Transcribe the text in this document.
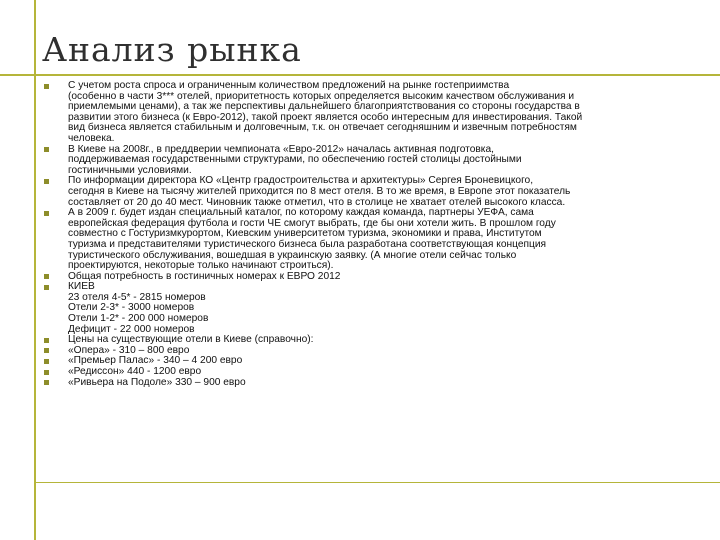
Анализ рынка
С учетом роста спроса и ограниченным количеством предложений на рынке гостеприимства
(особенно в части 3*** отелей, приоритетность которых определяется высоким качеством обслуживания и
приемлемыми ценами), а так же перспективы дальнейшего благоприятствования со стороны государства в
развитии этого бизнеса (к Евро-2012), такой проект является особо интересным для инвестирования. Такой
вид бизнеса является стабильным и долговечным, т.к. он отвечает сегодняшним и извечным потребностям
человека.
В Киеве на 2008г., в преддверии чемпионата «Евро-2012» началась активная подготовка,
поддерживаемая государственными структурами, по обеспечению гостей столицы достойными
гостиничными условиями.
По информации директора КО «Центр градостроительства и архитектуры» Сергея Броневицкого,
сегодня в Киеве на тысячу жителей приходится по 8 мест отеля. В то же время, в Европе этот показатель
составляет от 20 до 40 мест. Чиновник также отметил, что в столице не хватает отелей высокого класса.
А в 2009 г. будет издан специальный каталог, по которому каждая команда, партнеры УЕФА, сама
европейская федерация футбола и гости ЧЕ смогут выбрать, где бы они хотели жить. В прошлом году
совместно с Гостуризмкурортом, Киевским университетом туризма, экономики и права, Институтом
туризма и представителями туристического бизнеса была разработана соответствующая концепция
туристического обслуживания, вошедшая в украинскую заявку. (А многие отели сейчас только
проектируются, некоторые только начинают строиться).
Общая потребность в гостиничных номерах к ЕВРО 2012
КИЕВ
23 отеля 4-5* - 2815 номеров
Отели 2-3* - 3000 номеров
Отели 1-2* - 200 000 номеров
Дефицит - 22 000 номеров
Цены на существующие отели в Киеве (справочно):
«Опера» - 310 – 800 евро
«Премьер Палас» - 340 – 4 200 евро
«Редиссон» 440 - 1200 евро
«Ривьера на Подоле» 330 – 900 евро
